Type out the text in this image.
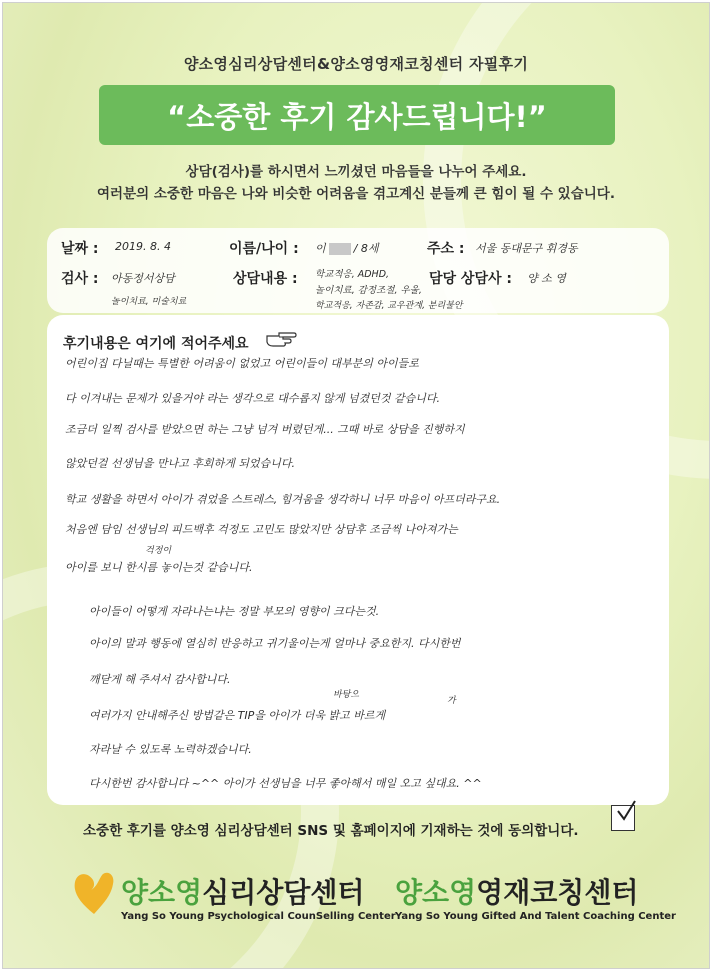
양소영심리상담센터&양소영영재코칭센터 자필후기
“소중한 후기 감사드립니다!”
상담(검사)를 하시면서 느끼셨던 마음들을 나누어 주세요.
여러분의 소중한 마음은 나와 비슷한 어려움을 겪고계신 분들께 큰 힘이 될 수 있습니다.
날짜 : 2019. 8. 4	이름/나이 : 이	/ 8세	주소 : 서울 동대문구 휘경동
검사 : 아동정서상담
놀이치료, 미술치료
상담내용 : 학교적응, ADHD,
놀이치료, 감정조절, 우울,
학교적응, 자존감, 교우관계, 분리불안
담당 상담사 : 양 소 영
후기내용은 여기에 적어주세요
어린이집 다닐때는 특별한 어려움이 없었고 어린이들이 대부분의 아이들로
다 이겨내는 문제가 있을거야 라는 생각으로 대수롭지 않게 넘겼던것 같습니다.
조금더 일찍 검사를 받았으면 하는 그냥 넘겨 버렸던게... 그때 바로 상담을 진행하지
않았던걸 선생님을 만나고 후회하게 되었습니다.
학교 생활을 하면서 아이가 겪었을 스트레스, 힘겨움을 생각하니 너무 마음이 아프더라구요.
처음엔 담임 선생님의 피드백후 걱정도 고민도 많았지만 상담후 조금씩 나아져가는
걱정이
아이를 보니 한시름 놓이는것 같습니다.
아이들이 어떻게 자라나는냐는 정말 부모의 영향이 크다는것.
아이의 말과 행동에 열심히 반응하고 귀기울이는게 얼마나 중요한지. 다시한번
깨닫게 해 주셔서 감사합니다.
바탕으
가
여러가지 안내해주신 방법같은 TIP을 아이가 더욱 밝고 바르게
자라날 수 있도록 노력하겠습니다.
다시한번 감사합니다 ~^^ 아이가 선생님을 너무 좋아해서 매일 오고 싶대요. ^^
소중한 후기를 양소영 심리상담센터 SNS 및 홈페이지에 기재하는 것에 동의합니다.
양소영심리상담센터
Yang So Young Psychological CounSelling Center
양소영영재코칭센터
Yang So Young Gifted And Talent Coaching Center
